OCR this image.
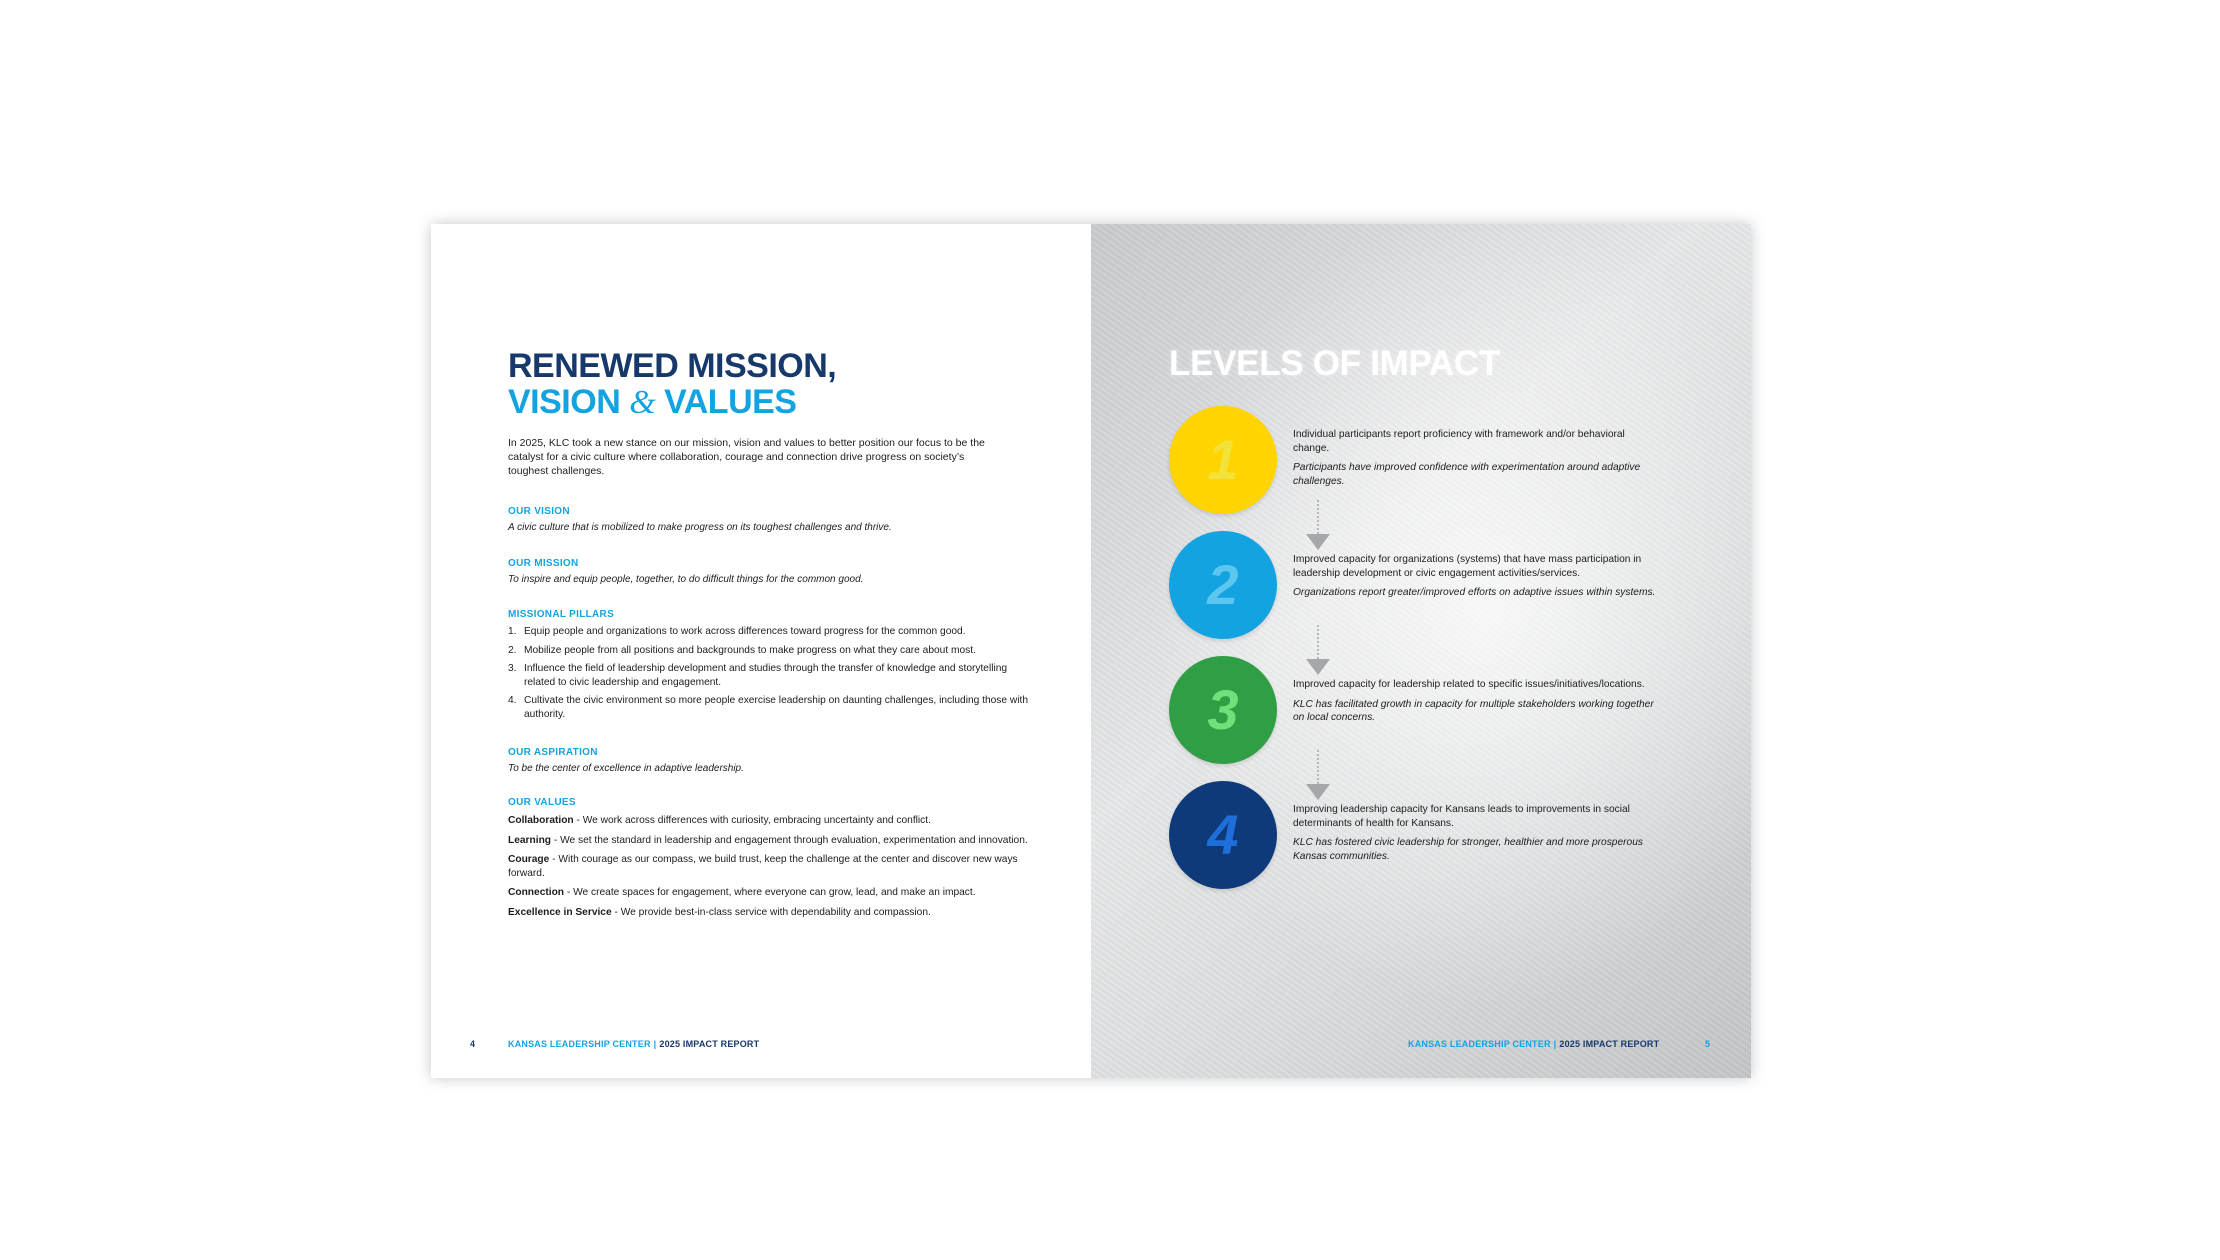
RENEWED MISSION,
VISION & VALUES

In 2025, KLC took a new stance on our mission, vision and values to better position our focus to be the catalyst for a civic culture where collaboration, courage and connection drive progress on society’s toughest challenges.

OUR VISION

A civic culture that is mobilized to make progress on its toughest challenges and thrive.

OUR MISSION

To inspire and equip people, together, to do difficult things for the common good.

MISSIONAL PILLARS
1. Equip people and organizations to work across differences toward progress for the common good.
2. Mobilize people from all positions and backgrounds to make progress on what they care about most.
3. Influence the field of leadership development and studies through the transfer of knowledge and storytelling related to civic leadership and engagement.
4. Cultivate the civic environment so more people exercise leadership on daunting challenges, including those with authority.
OUR ASPIRATION

To be the center of excellence in adaptive leadership.

OUR VALUES

Collaboration - We work across differences with curiosity, embracing uncertainty and conflict.

Learning - We set the standard in leadership and engagement through evaluation, experimentation and innovation.

Courage - With courage as our compass, we build trust, keep the challenge at the center and discover new ways forward.

Connection - We create spaces for engagement, where everyone can grow, lead, and make an impact.

Excellence in Service - We provide best-in-class service with dependability and compassion.

4	KANSAS LEADERSHIP CENTER | 2025 IMPACT REPORT
LEVELS OF IMPACT
1	Individual participants report proficiency with framework and/or behavioral change.

Participants have improved confidence with experimentation around adaptive challenges.

2	Improved capacity for organizations (systems) that have mass participation in leadership development or civic engagement activities/services.

Organizations report greater/improved efforts on adaptive issues within systems.

3	Improved capacity for leadership related to specific issues/initiatives/locations.

KLC has facilitated growth in capacity for multiple stakeholders working together on local concerns.

4	Improving leadership capacity for Kansans leads to improvements in social determinants of health for Kansans.

KLC has fostered civic leadership for stronger, healthier and more prosperous Kansas communities.

KANSAS LEADERSHIP CENTER | 2025 IMPACT REPORT	5
